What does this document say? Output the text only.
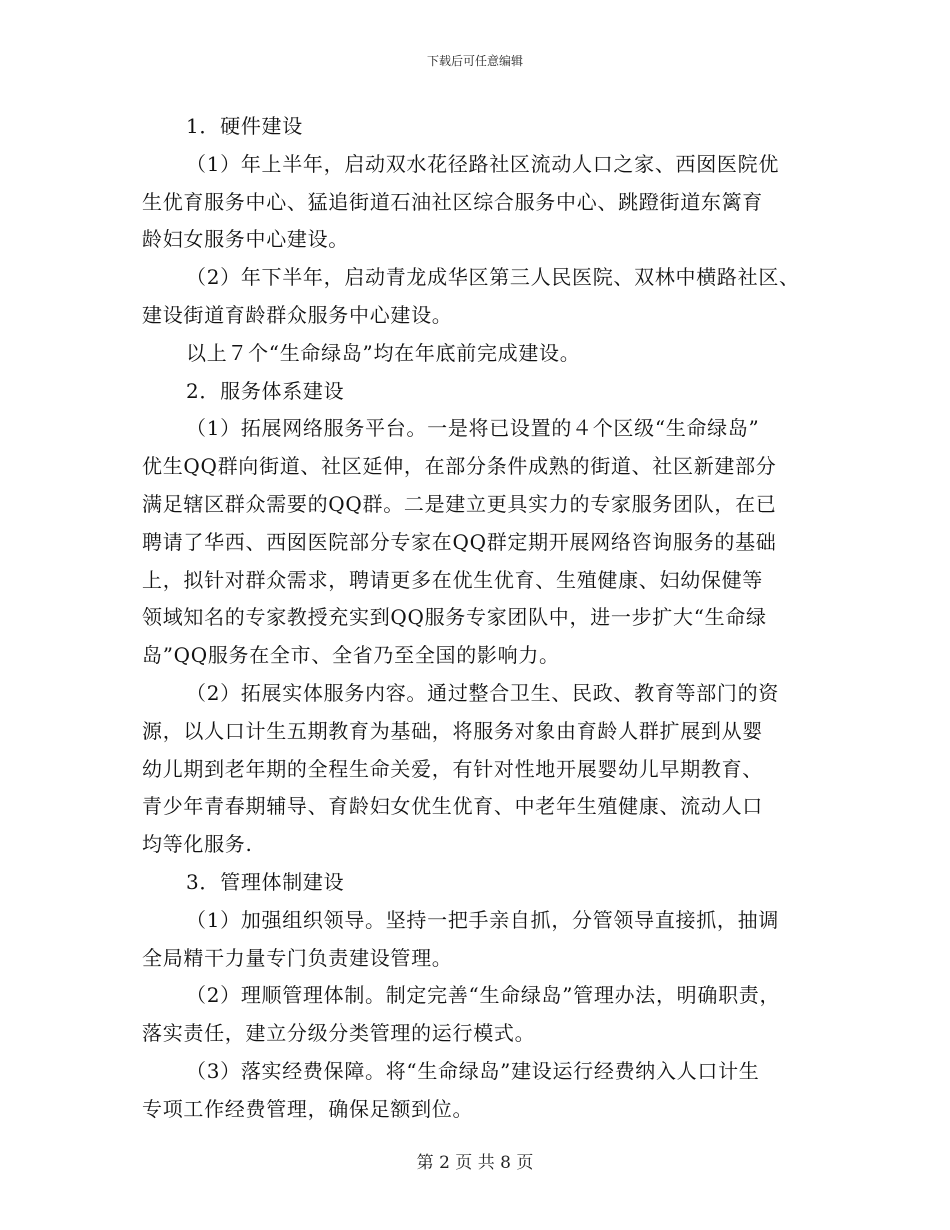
下载后可任意编辑
1．硬件建设
（1）年上半年，启动双水花径路社区流动人口之家、西囡医院优
生优育服务中心、猛追街道石油社区综合服务中心、跳蹬街道东篱育
龄妇女服务中心建设。
（2）年下半年，启动青龙成华区第三人民医院、双林中横路社区、
建设街道育龄群众服务中心建设。
以上７个“生命绿岛”均在年底前完成建设。
2．服务体系建设
（1）拓展网络服务平台。一是将已设置的４个区级“生命绿岛”
优生QQ群向街道、社区延伸，在部分条件成熟的街道、社区新建部分
满足辖区群众需要的QQ群。二是建立更具实力的专家服务团队，在已
聘请了华西、西囡医院部分专家在QQ群定期开展网络咨询服务的基础
上，拟针对群众需求，聘请更多在优生优育、生殖健康、妇幼保健等
领域知名的专家教授充实到QQ服务专家团队中，进一步扩大“生命绿
岛”QQ服务在全市、全省乃至全国的影响力。
（2）拓展实体服务内容。通过整合卫生、民政、教育等部门的资
源，以人口计生五期教育为基础，将服务对象由育龄人群扩展到从婴
幼儿期到老年期的全程生命关爱，有针对性地开展婴幼儿早期教育、
青少年青春期辅导、育龄妇女优生优育、中老年生殖健康、流动人口
均等化服务.
3．管理体制建设
（1）加强组织领导。坚持一把手亲自抓，分管领导直接抓，抽调
全局精干力量专门负责建设管理。
（2）理顺管理体制。制定完善“生命绿岛”管理办法，明确职责，
落实责任，建立分级分类管理的运行模式。
（3）落实经费保障。将“生命绿岛”建设运行经费纳入人口计生
专项工作经费管理，确保足额到位。
第 2 页 共 8 页
